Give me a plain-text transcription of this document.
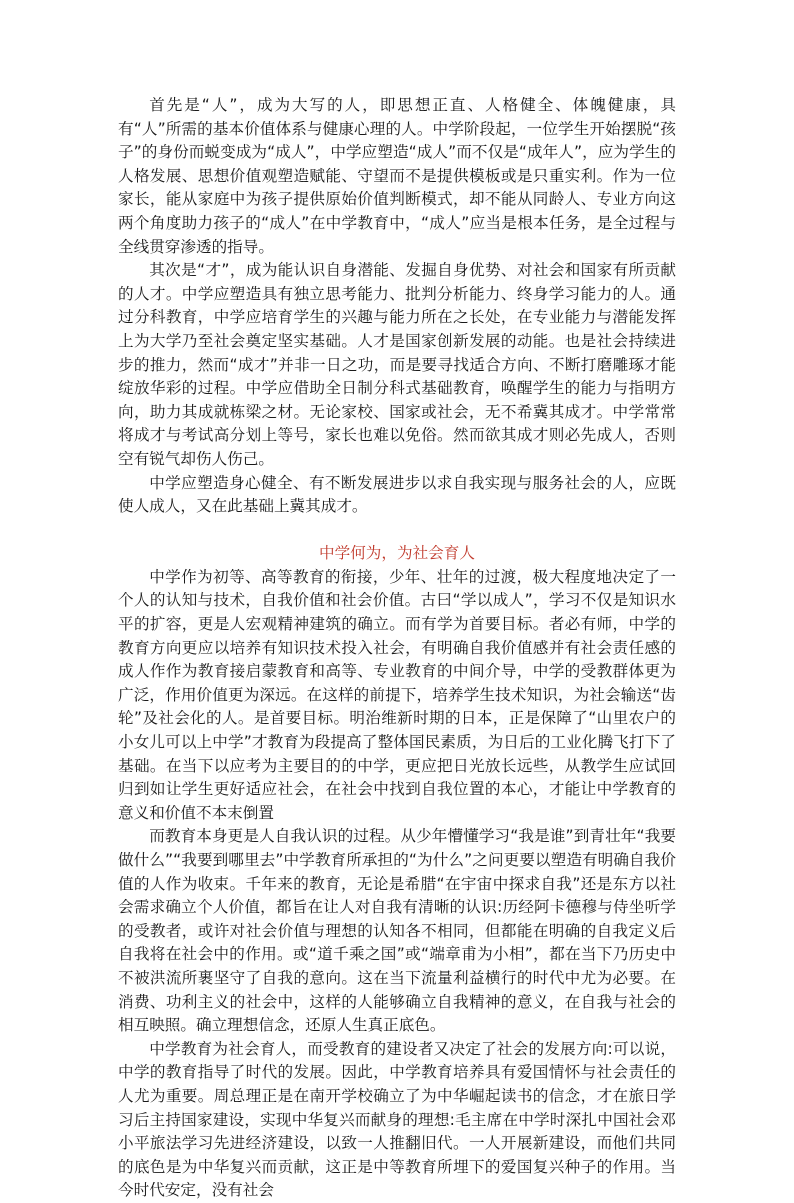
首先是“人”，成为大写的人，即思想正直、人格健全、体魄健康，具有“人”所需的基本价值体系与健康心理的人。中学阶段起，一位学生开始摆脱“孩子”的身份而蜕变成为“成人”，中学应塑造“成人”而不仅是“成年人”，应为学生的人格发展、思想价值观塑造赋能、守望而不是提供模板或是只重实利。作为一位家长，能从家庭中为孩子提供原始价值判断模式，却不能从同龄人、专业方向这两个角度助力孩子的“成人”在中学教育中，“成人”应当是根本任务，是全过程与全线贯穿渗透的指导。

其次是“才”，成为能认识自身潜能、发掘自身优势、对社会和国家有所贡献的人才。中学应塑造具有独立思考能力、批判分析能力、终身学习能力的人。通过分科教育，中学应培育学生的兴趣与能力所在之长处，在专业能力与潜能发挥上为大学乃至社会奠定坚实基础。人才是国家创新发展的动能。也是社会持续进步的推力，然而“成才”并非一日之功，而是要寻找适合方向、不断打磨雕琢才能绽放华彩的过程。中学应借助全日制分科式基础教育，唤醒学生的能力与指明方向，助力其成就栋梁之材。无论家校、国家或社会，无不希冀其成才。中学常常将成才与考试高分划上等号，家长也难以免俗。然而欲其成才则必先成人，否则空有锐气却伤人伤己。

中学应塑造身心健全、有不断发展进步以求自我实现与服务社会的人，应既使人成人，又在此基础上冀其成才。

中学何为，为社会育人

中学作为初等、高等教育的衔接，少年、壮年的过渡，极大程度地决定了一个人的认知与技术，自我价值和社会价值。古曰“学以成人”，学习不仅是知识水平的扩容，更是人宏观精神建筑的确立。而有学为首要目标。者必有师，中学的教育方向更应以培养有知识技术投入社会，有明确自我价值感并有社会责任感的成人作作为教育接启蒙教育和高等、专业教育的中间介导，中学的受教群体更为广泛，作用价值更为深远。在这样的前提下，培养学生技术知识，为社会输送“齿轮”及社会化的人。是首要目标。明治维新时期的日本，正是保障了“山里农户的小女儿可以上中学”才教育为段提高了整体国民素质，为日后的工业化腾飞打下了基础。在当下以应考为主要目的的中学，更应把日光放长远些，从教学生应试回归到如让学生更好适应社会，在社会中找到自我位置的本心，才能让中学教育的意义和价值不本末倒置

而教育本身更是人自我认识的过程。从少年懵懂学习“我是谁”到青壮年“我要做什么”“我要到哪里去”中学教育所承担的“为什么”之问更要以塑造有明确自我价值的人作为收束。千年来的教育，无论是希腊“在宇宙中探求自我”还是东方以社会需求确立个人价值，都旨在让人对自我有清晰的认识:历经阿卡德穆与侍坐听学的受教者，或许对社会价值与理想的认知各不相同，但都能在明确的自我定义后自我将在社会中的作用。或“道千乘之国”或“端章甫为小相”，都在当下乃历史中不被洪流所裹坚守了自我的意向。这在当下流量利益横行的时代中尤为必要。在消费、功利主义的社会中，这样的人能够确立自我精神的意义，在自我与社会的相互映照。确立理想信念，还原人生真正底色。

中学教育为社会育人，而受教育的建设者又决定了社会的发展方向:可以说，中学的教育指导了时代的发展。因此，中学教育培养具有爱国情怀与社会责任的人尤为重要。周总理正是在南开学校确立了为中华崛起读书的信念，才在旅日学习后主持国家建设，实现中华复兴而献身的理想:毛主席在中学时深扎中国社会邓小平旅法学习先进经济建设，以致一人推翻旧代。一人开展新建设，而他们共同的底色是为中华复兴而贡献，这正是中等教育所埋下的爱国复兴种子的作用。当今时代安定，没有社会
